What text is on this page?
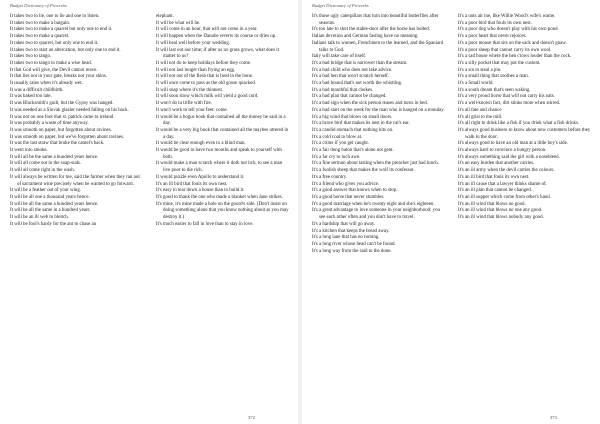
Budget Dictionary of Proverbs

It takes two to lie, one to lie and one to listen.

It takes two to make a bargain.

It takes two to make a quarrel but only one to end it.

It takes two to make a quarrel.

It takes two to quarrel, but only one to end it.

It takes two to start an altercation, but only one to end it.

It takes two to tango.

It takes two to tango to make a wise head.

It that God will give, the Devil cannot reave.

It that lies not in your gate, breaks not your shins.

It usually rains when it's already wet.

It was a difficult childbirth.

It was baked too late.

It was Blacksmith's guilt, but the Gypsy was hanged.

It was needed as a Slovak glazier needed falling on his back.

It was not on one foot that st. patrick came to ireland.

It was probably a waste of time anyway.

It was smooth on paper, but forgotten about ravines.

It was smooth on paper, but we've forgotten about ravines.

It was the last straw that broke the camel's back.

It went into smoke.

It will all be the same a hundred years hence.

It will all come out in the soap-suds.

It will all come right in the wash.

It will always be written for me, said the farmer when they ran out of sacrament wine precisely when he wanted to go forward.

It will be a feather out of your wing.

It will be all one a thousand years hence.

It will be all the same a hundred years hence.

It will be all the same in a hundred years.

It will be an ill web to bleitch.

It will be fool's hardy for the ant to chase an

elephant.

It will be what will be.

It will come in an hour, that will not come in a year.

It will happen when the Danube reverts its course or dries up.

It will heal well before your wedding.

It will last out our time; if after us no grass grows, what does it matter to us?

It will not do to keep holidays before they come.

It will not last longer than frying an egg.

It will not out of the flesh that is bred in the bone.

It will once come to pass as the old goose quacked.

It will snap where it's the thinnest.

It will soon show which milk will yield a good curd.

It won't do to trifle with fire.

It won't work to tell your feet: come.

It would be a bogus book that contained all the money be said in a day.

It would be a very big book that contained all the maybes uttered in a day.

It would be clear enough even to a blind man.

It would be good to have two mouths and speak to yourself with both.

It would make a man scratch where it doth not itch, to see a man live poor to die rich.

It would puzzle even Apollo to understand it.

It's an ill bird that fouls its own nest.

It's easy to tear down a house than to build it.

It's good to thank the one who made a blanket when Jane strikes.

It's mine, it's mine made a hole on the gourd's side. (Don't insist on doing something alone that you know nothing about as you may destroy it.)

It's much easier to fall in love than to stay in love.

372
Budget Dictionary of Proverbs

It's those ugly caterpillars that turn into beautiful butterflies after seasons.

It's too late to shut the stable-door after the horse has bolted.

Italian devotion and German fasting have no meaning.

Italians talk to women, Frenchmen to the learned, and the Spaniard talks to God.

Italy will take care of itself.

It's a bad bridge that is narrower than the stream.

It's a bad child who does not take advice.

It's a bad hen that won't scratch herself.

It's a bad hound that's not worth the whistling.

It's a bad mouthful that chokes.

It's a bad plan that cannot be changed.

It's a bad sign when the sick person teases and turns in bed.

It's a bad start on the week for the man who is hanged on a monday.

It's a big wind that blows on small doors.

It's a brave bird that makes its nest in the cat's ear.

It's a candid stomach that nothing hits on.

It's a cold coal to blow at.

It's a crime if you get caught.

It's a fair dung baton that's alone not gent.

It's a far cry to loch awe.

It's a fine sermon about tasting when the preacher just had lunch.

It's a foolish sheep that makes the wolf its confessor.

It's a free country.

It's a friend who gives you advice.

It's a good answer that knows when to stop.

It's a good horse that never stumbles.

It's a good marriage when he's twenty eight and she's eighteen.

It's a great advantage to love someone in your neighborhood: you see each other often and you don't have to travel.

It's a hardship that will go away.

It's a kitchen that keeps the bread away.

It's a long lane that has no turning.

It's a long river whose head can't be found.

It's a long way from the said to the done.

It's a nuts air ine, like Willie Wood's wife's wame.

It's a poor bird that fouls its own nest.

It's a poor dog who doesn't play with his own pond.

It's a poor heart that never rejoices.

It's a poor mouse that sits on the sack and doesn't gnaw.

It's a poor sheep that cannot carry its own wool.

It's a sad house where the hen crows louder than the cock.

It's a silly pocket that may put the custom.

It's a sin to steal a pin.

It's a small thing that soothes a man.

It's a Small world.

It's a south dream that's seen waking.

It's a very proud horse that will not carry his oats.

It's a well-known fact, dirt stinks more when stirred.

It's all fate and chance

It's all grist to the mill.

It's all right to drink like a fish if you drink what a fish drinks.

It's always good business to know about new customers before they walk in the door.

It's always good to have an old man at a little boy's side.

It's always hard to convince a hungry person.

It's always something said the girl with a nosebleed.

It's an easy burden that another carries.

It's an ill army when the devil carries the colours.

It's an ill bird that fouls its own nest.

It's an ill cause that a lawyer thinks shame of.

It's an ill plan that cannot be changed.

It's an ill supper which come from other's hand.

It's an ill wind that blows no good.

It's an ill wind that blows no one any good.

It's an ill wind that blows nobody any good.

373
